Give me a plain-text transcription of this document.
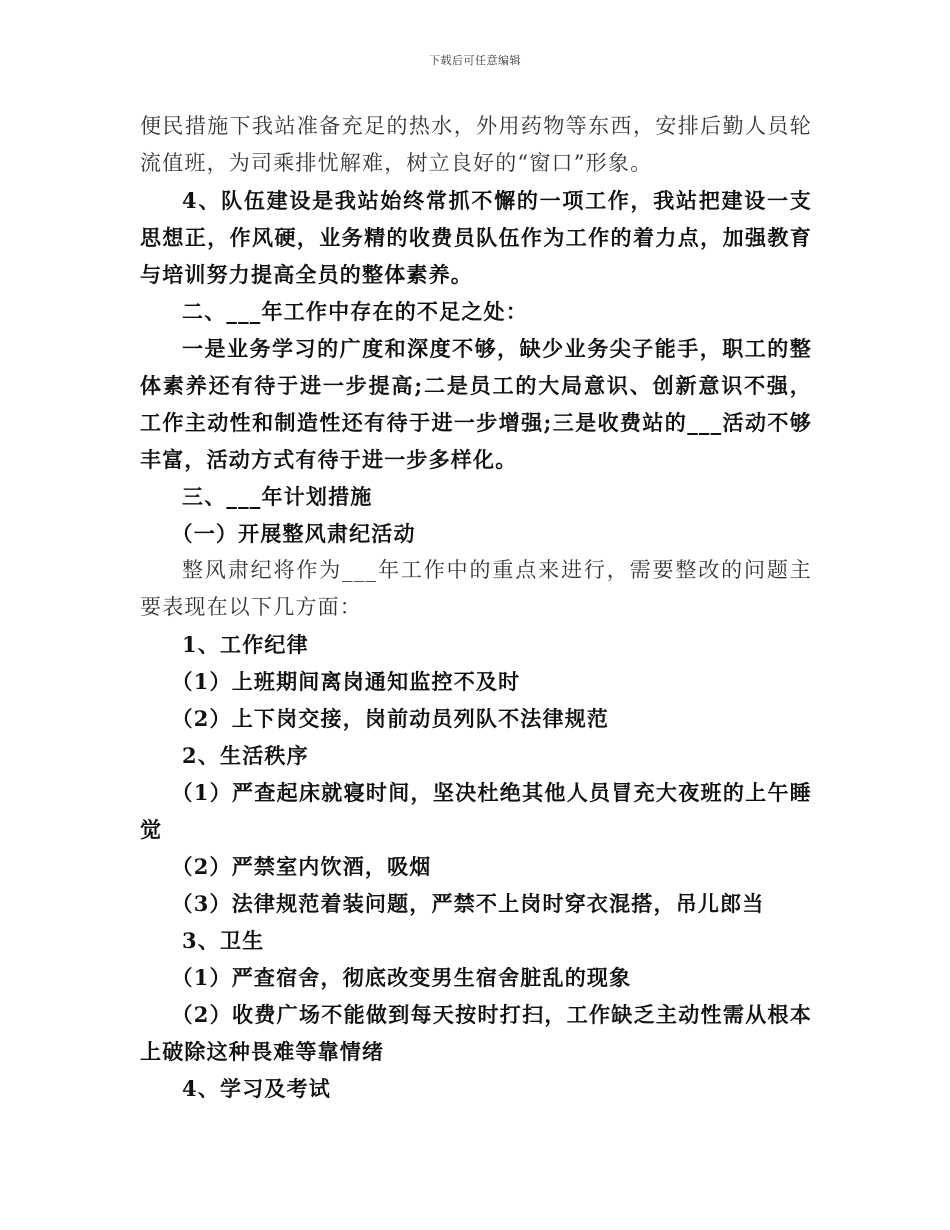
下载后可任意编辑

便民措施下我站准备充足的热水，外用药物等东西，安排后勤人员轮流值班，为司乘排忧解难，树立良好的“窗口”形象。

4、队伍建设是我站始终常抓不懈的一项工作，我站把建设一支思想正，作风硬，业务精的收费员队伍作为工作的着力点，加强教育与培训努力提高全员的整体素养。

二、___年工作中存在的不足之处：

一是业务学习的广度和深度不够，缺少业务尖子能手，职工的整体素养还有待于进一步提高;二是员工的大局意识、创新意识不强，工作主动性和制造性还有待于进一步增强;三是收费站的___活动不够丰富，活动方式有待于进一步多样化。

三、___年计划措施

（一）开展整风肃纪活动

整风肃纪将作为___年工作中的重点来进行，需要整改的问题主要表现在以下几方面：

1、工作纪律

（1）上班期间离岗通知监控不及时

（2）上下岗交接，岗前动员列队不法律规范

2、生活秩序

（1）严查起床就寝时间，坚决杜绝其他人员冒充大夜班的上午睡觉

（2）严禁室内饮酒，吸烟

（3）法律规范着装问题，严禁不上岗时穿衣混搭，吊儿郎当

3、卫生

（1）严查宿舍，彻底改变男生宿舍脏乱的现象

（2）收费广场不能做到每天按时打扫，工作缺乏主动性需从根本上破除这种畏难等靠情绪

4、学习及考试
